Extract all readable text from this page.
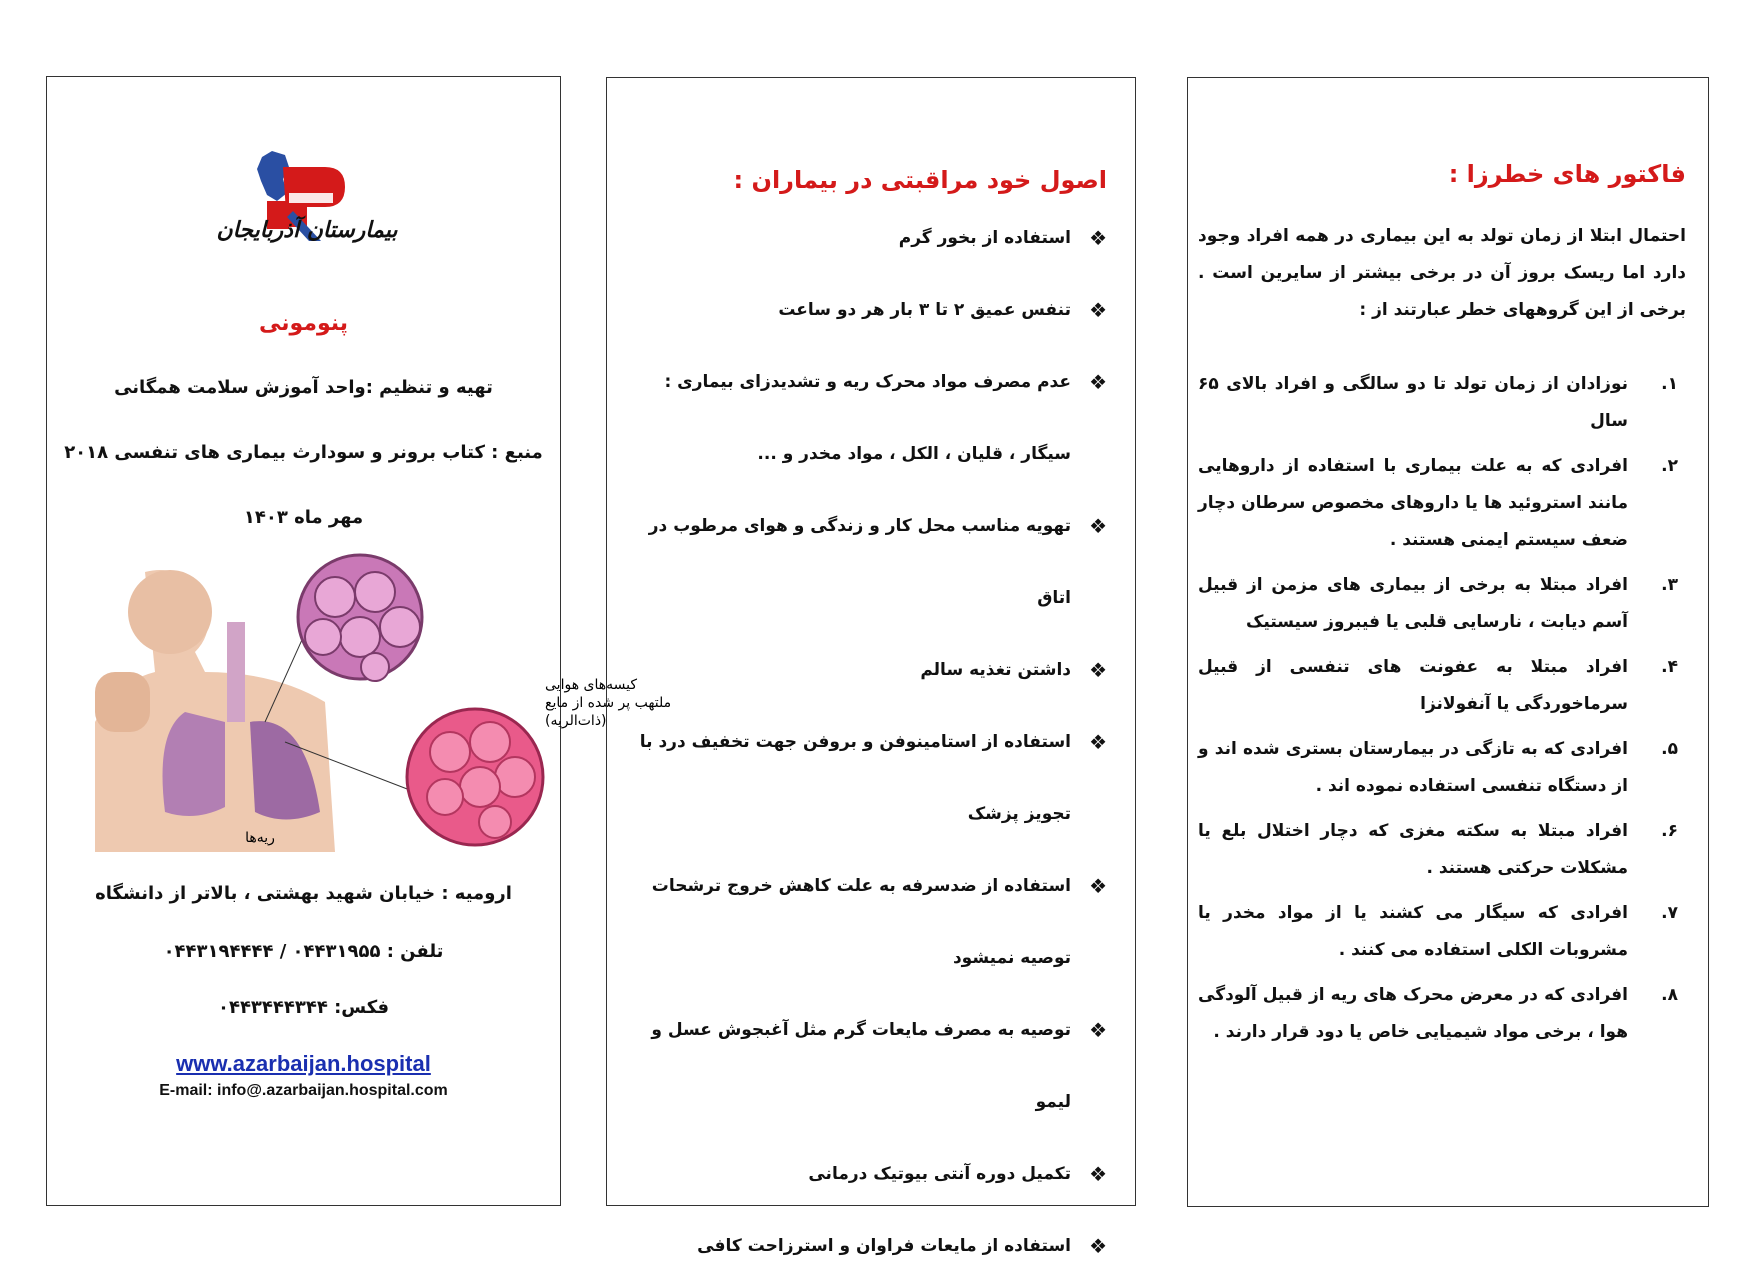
بیمارستان آذربایجان
پنومونی
تهیه و تنظیم :واحد آموزش سلامت همگانی
منبع : کتاب برونر و سودارث بیماری های تنفسی ۲۰۱۸
مهر ماه ۱۴۰۳
کیسه‌های هوایی
ملتهب پر شده از مایع
(ذات‌الریه)
ریه‌ها
ارومیه : خیابان شهید بهشتی ، بالاتر از دانشگاه
تلفن : ۰۴۴۳۱۹۵۵ / ۰۴۴۳۱۹۴۴۴۴
فکس: ۰۴۴۳۴۴۴۳۴۴
www.azarbaijan.hospital
E-mail: info@.azarbaijan.hospital.com
اصول خود مراقبتی در بیماران :
❖
استفاده از بخور گرم
❖
تنفس عمیق ۲ تا ۳ بار هر دو ساعت
❖
عدم مصرف مواد محرک ریه و تشدیدزای بیماری : سیگار ، قلیان ، الکل ، مواد مخدر و ...
❖
تهویه مناسب محل کار و زندگی و هوای مرطوب در اتاق
❖
داشتن تغذیه سالم
❖
استفاده از استامینوفن و بروفن جهت تخفیف درد با تجویز پزشک
❖
استفاده از ضدسرفه به علت کاهش خروج ترشحات توصیه نمیشود
❖
توصیه به مصرف مایعات گرم مثل آغبجوش عسل و لیمو
❖
تکمیل دوره آنتی بیوتیک درمانی
❖
استفاده از مایعات فراوان و استرزاحت کافی
فاکتور های خطرزا :

احتمال ابتلا از زمان تولد به این بیماری در همه افراد وجود دارد اما ریسک بروز آن در برخی بیشتر از سایرین است . برخی از این گروههای خطر عبارتند از :

۱.
نوزادان از زمان تولد تا دو سالگی و افراد بالای ۶۵ سال
۲.
افرادی که به علت بیماری با استفاده از داروهایی مانند استروئید ها یا داروهای مخصوص سرطان دچار ضعف سیستم ایمنی هستند .
۳.
افراد مبتلا به برخی از بیماری های مزمن از قبیل آسم دیابت ، نارسایی قلبی یا فیبروز سیستیک
۴.
افراد مبتلا به عفونت های تنفسی از قبیل سرماخوردگی یا آنفولانزا
۵.
افرادی که به تازگی در بیمارستان بستری شده اند و از دستگاه تنفسی استفاده نموده اند .
۶.
افراد مبتلا به سکته مغزی که دچار اختلال بلع یا مشکلات حرکتی هستند .
۷.
افرادی که سیگار می کشند یا از مواد مخدر یا مشروبات الکلی استفاده می کنند .
۸.
افرادی که در معرض محرک های ریه از قبیل آلودگی هوا ، برخی مواد شیمیایی خاص یا دود قرار دارند .
